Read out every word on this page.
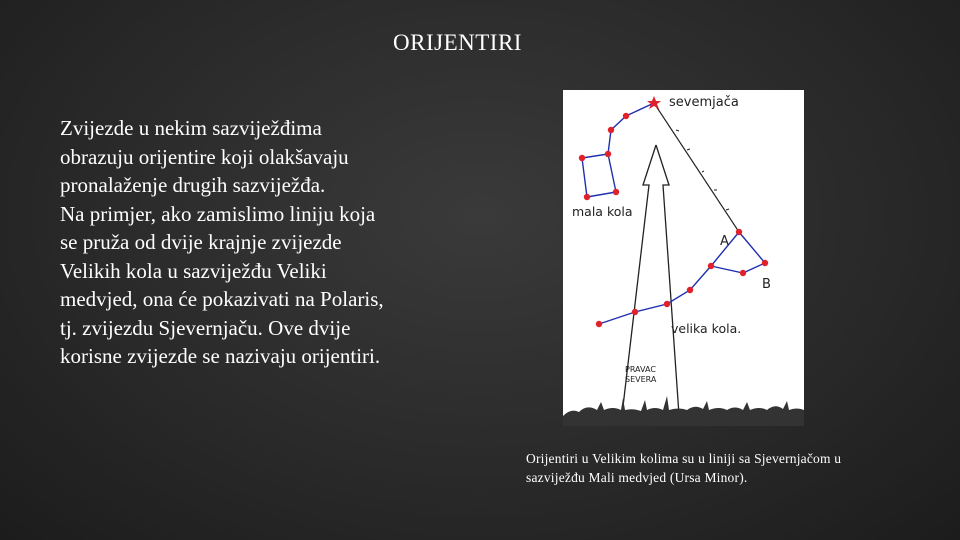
ORIJENTIRI

Zvijezde u nekim sazviježđima
obrazuju orijentire koji olakšavaju
pronalaženje drugih sazviježđa.
Na primjer, ako zamislimo liniju koja
se pruža od dvije krajnje zvijezde
Velikih kola u sazviježđu Veliki
medvjed, ona će pokazivati na Polaris,
tj. zvijezdu Sjevernjaču. Ove dvije
korisne zvijezde se nazivaju orijentiri.

sevemjača
mala kola
A
B
velika kola.
PRAVAC
SEVERA
Orijentiri u Velikim kolima su u liniji sa Sjevernjačom u
sazviježđu Mali medvjed (Ursa Minor).
